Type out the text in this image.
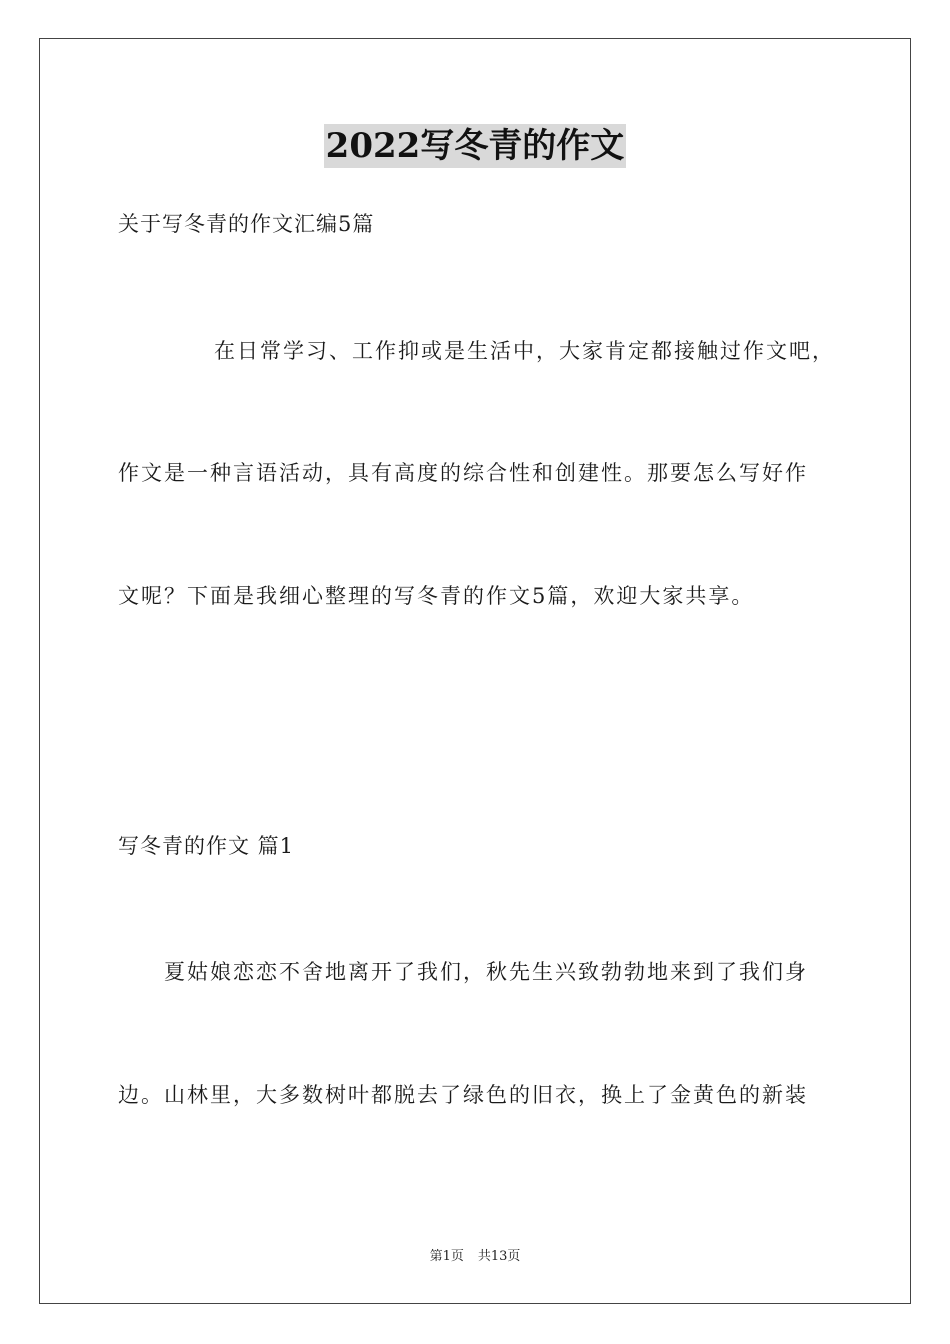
2022写冬青的作文
关于写冬青的作文汇编5篇
在日常学习、工作抑或是生活中，大家肯定都接触过作文吧，
作文是一种言语活动，具有高度的综合性和创建性。那要怎么写好作
文呢？下面是我细心整理的写冬青的作文5篇，欢迎大家共享。
写冬青的作文 篇1
夏姑娘恋恋不舍地离开了我们，秋先生兴致勃勃地来到了我们身
边。山林里，大多数树叶都脱去了绿色的旧衣，换上了金黄色的新装
第1页 共13页
